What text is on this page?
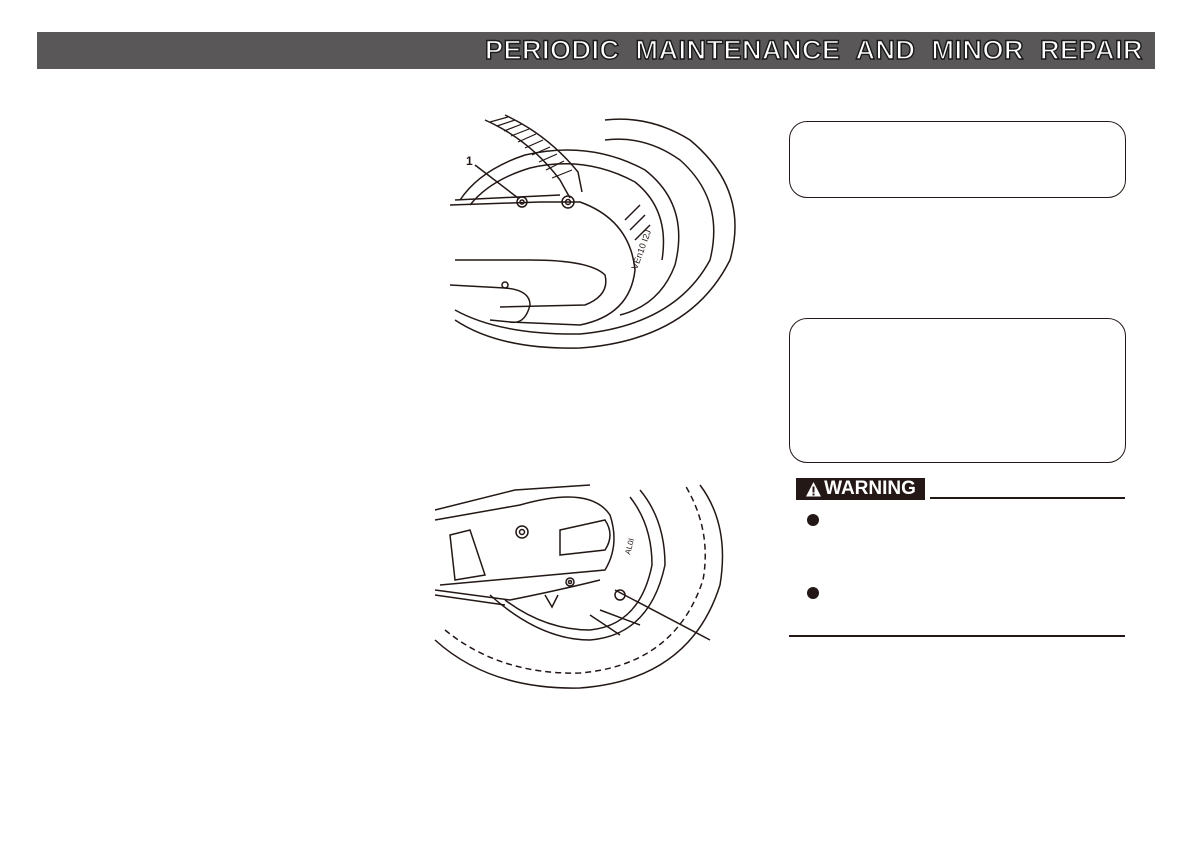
PERIODIC MAINTENANCE AND MINOR REPAIR
1
VEn10 I2J
AL0I
WARNING
